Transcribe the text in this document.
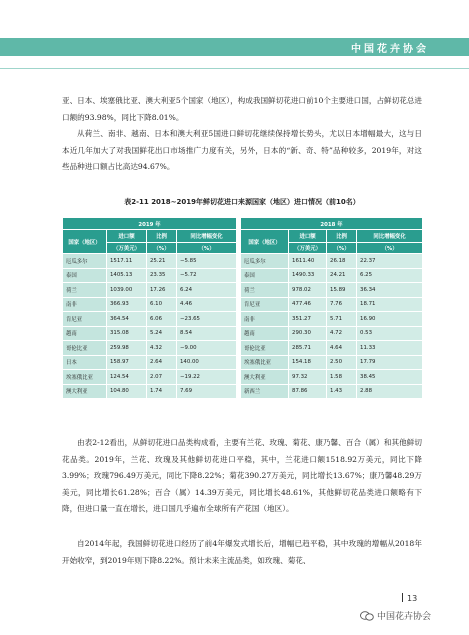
中国花卉协会

亚、日本、埃塞俄比亚、澳大利亚5个国家（地区），构成我国鲜切花进口前10个主要进口国，占鲜切花总进口额的93.98%，同比下降8.01%。

从荷兰、南非、越南、日本和澳大利亚5国进口鲜切花继续保持增长势头，尤以日本增幅最大，这与日本近几年加大了对我国鲜花出口市场推广力度有关，另外，日本的“新、奇、特”品种较多，2019年，对这些品种进口额占比高达94.67%。

表2-11 2018~2019年鲜切花进口来源国家（地区）进口情况（前10名）
2019 年					2018 年			
国家（地区）	进口额	比例	同比增幅变化		国家（地区）	进口额	比例	同比增幅变化
	（万美元）	（%）	（%）			（万美元）	（%）	（%）
厄瓜多尔	1517.11	25.21	−5.85		厄瓜多尔	1611.40	26.18	22.37
泰国	1405.13	23.35	−5.72		泰国	1490.33	24.21	6.25
荷兰	1039.00	17.26	6.24		荷兰	978.02	15.89	36.34
南非	366.93	6.10	4.46		肯尼亚	477.46	7.76	18.71
肯尼亚	364.54	6.06	−23.65		南非	351.27	5.71	16.90
越南	315.08	5.24	8.54		越南	290.30	4.72	0.53
哥伦比亚	259.98	4.32	−9.00		哥伦比亚	285.71	4.64	11.33
日本	158.97	2.64	140.00		埃塞俄比亚	154.18	2.50	17.79
埃塞俄比亚	124.54	2.07	−19.22		澳大利亚	97.32	1.58	38.45
澳大利亚	104.80	1.74	7.69		新西兰	87.86	1.43	2.88

由表2-12看出，从鲜切花进口品类构成看，主要有兰花、玫瑰、菊花、康乃馨、百合（属）和其他鲜切花品类。2019年，兰花、玫瑰及其他鲜切花进口平稳，其中，兰花进口额1518.92万美元，同比下降3.99%；玫瑰796.49万美元，同比下降8.22%；菊花390.27万美元，同比增长13.67%；康乃馨48.29万美元，同比增长61.28%；百合（属）14.39万美元，同比增长48.61%，其他鲜切花品类进口额略有下降，但进口量一直在增长，进口国几乎遍布全球所有产花国（地区）。

自2014年起，我国鲜切花进口经历了前4年爆发式增长后，增幅已趋平稳，其中玫瑰的增幅从2018年开始收窄，到2019年则下降8.22%。预计未来主流品类，如玫瑰、菊花、

13
中国花卉协会
